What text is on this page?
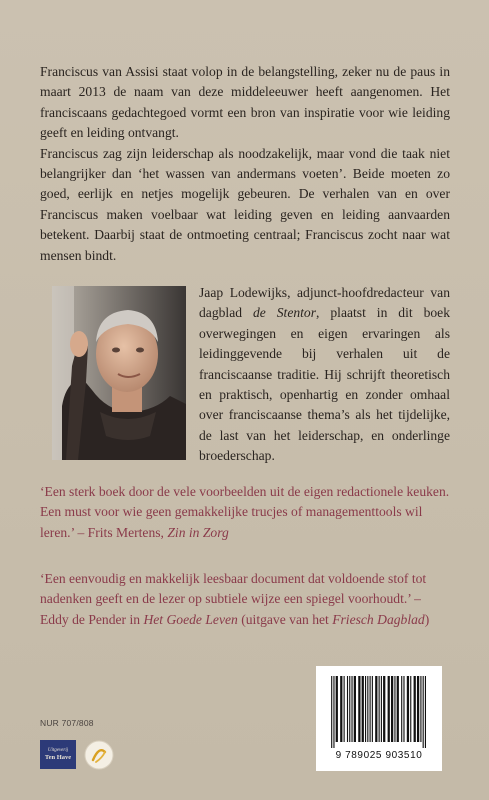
Franciscus van Assisi staat volop in de belangstelling, zeker nu de paus in maart 2013 de naam van deze middeleeuwer heeft aangenomen. Het franciscaans gedachtegoed vormt een bron van inspiratie voor wie leiding geeft en leiding ontvangt.

Franciscus zag zijn leiderschap als noodzakelijk, maar vond die taak niet belangrijker dan ‘het wassen van andermans voeten’. Beide moeten zo goed, eerlijk en netjes mogelijk gebeuren. De verhalen van en over Franciscus maken voelbaar wat leiding geven en leiding aanvaarden betekent. Daarbij staat de ontmoeting centraal; Franciscus zocht naar wat mensen bindt.

Jaap Lodewijks, adjunct-hoofdredacteur van dagblad de Stentor, plaatst in dit boek overwegingen en eigen ervaringen als leidinggevende bij verhalen uit de franciscaanse traditie. Hij schrijft theoretisch en praktisch, openhartig en zonder omhaal over franciscaanse thema’s als het tijdelijke, de last van het leiderschap, en onderlinge broederschap.
‘Een sterk boek door de vele voorbeelden uit de eigen redactionele keuken. Een must voor wie geen gemakkelijke trucjes of managementtools wil leren.’ – Frits Mertens, Zin in Zorg
‘Een eenvoudig en makkelijk leesbaar document dat voldoende stof tot nadenken geeft en de lezer op subtiele wijze een spiegel voorhoudt.’ – Eddy de Pender in Het Goede Leven (uitgave van het Friesch Dagblad)
NUR 707/808
Uitgeverij
Ten Have	9 789025 903510
